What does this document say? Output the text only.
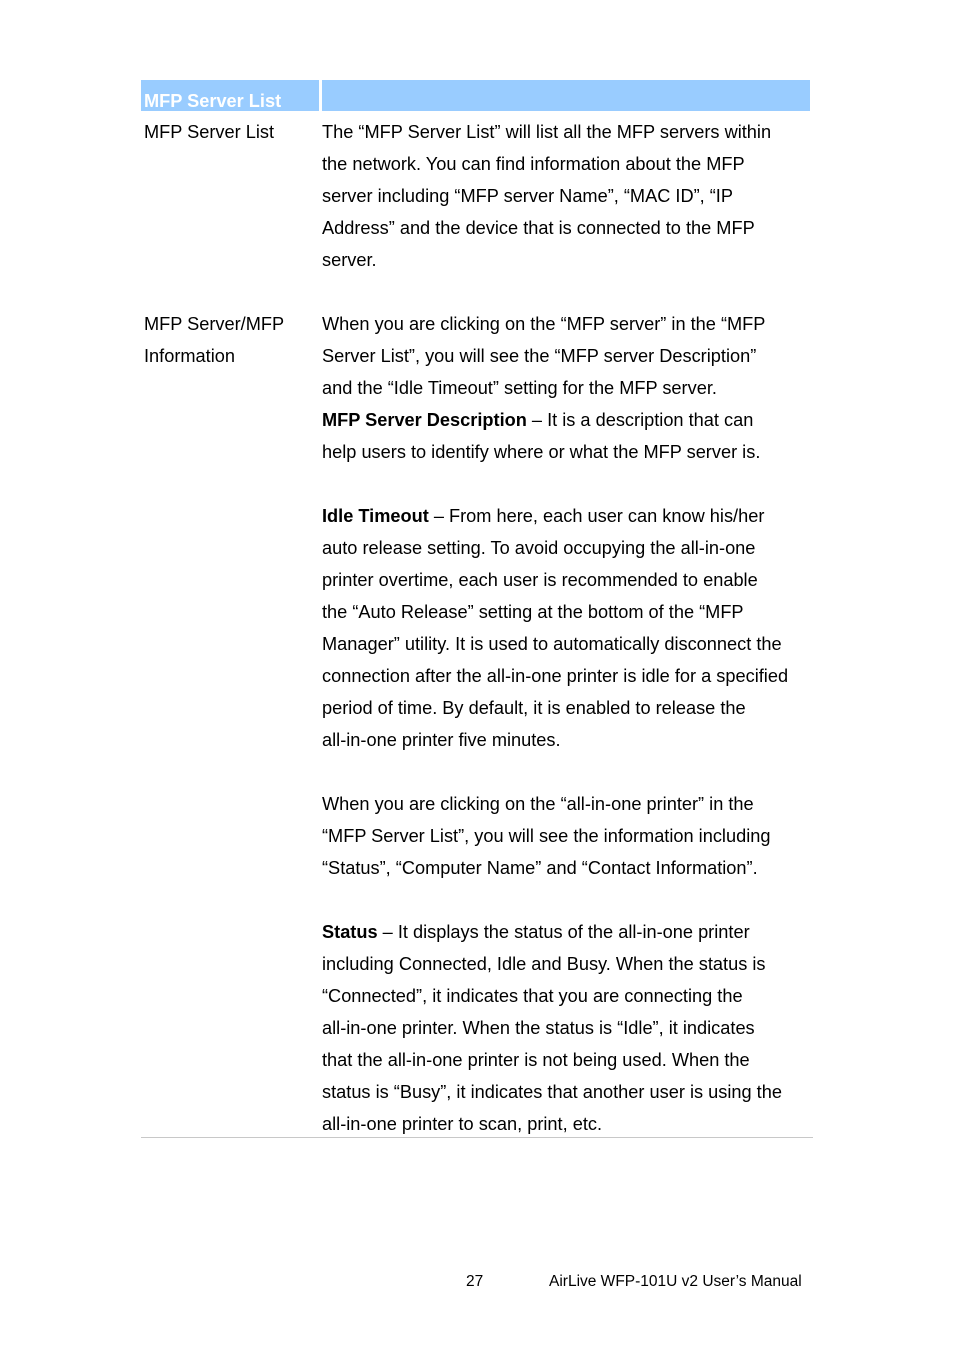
MFP Server List
MFP Server List	The “MFP Server List” will list all the MFP servers within
the network. You can find information about the MFP
server including “MFP server Name”, “MAC ID”, “IP
Address” and the device that is connected to the MFP
server.
MFP Server/MFP
Information
When you are clicking on the “MFP server” in the “MFP
Server List”, you will see the “MFP server Description”
and the “Idle Timeout” setting for the MFP server.
MFP Server Description – It is a description that can
help users to identify where or what the MFP server is.
Idle Timeout – From here, each user can know his/her
auto release setting. To avoid occupying the all-in-one
printer overtime, each user is recommended to enable
the “Auto Release” setting at the bottom of the “MFP
Manager” utility. It is used to automatically disconnect the
connection after the all-in-one printer is idle for a specified
period of time. By default, it is enabled to release the
all-in-one printer five minutes.
When you are clicking on the “all-in-one printer” in the
“MFP Server List”, you will see the information including
“Status”, “Computer Name” and “Contact Information”.
Status – It displays the status of the all-in-one printer
including Connected, Idle and Busy. When the status is
“Connected”, it indicates that you are connecting the
all-in-one printer. When the status is “Idle”, it indicates
that the all-in-one printer is not being used. When the
status is “Busy”, it indicates that another user is using the
all-in-one printer to scan, print, etc.
27	AirLive WFP-101U v2 User’s Manual
